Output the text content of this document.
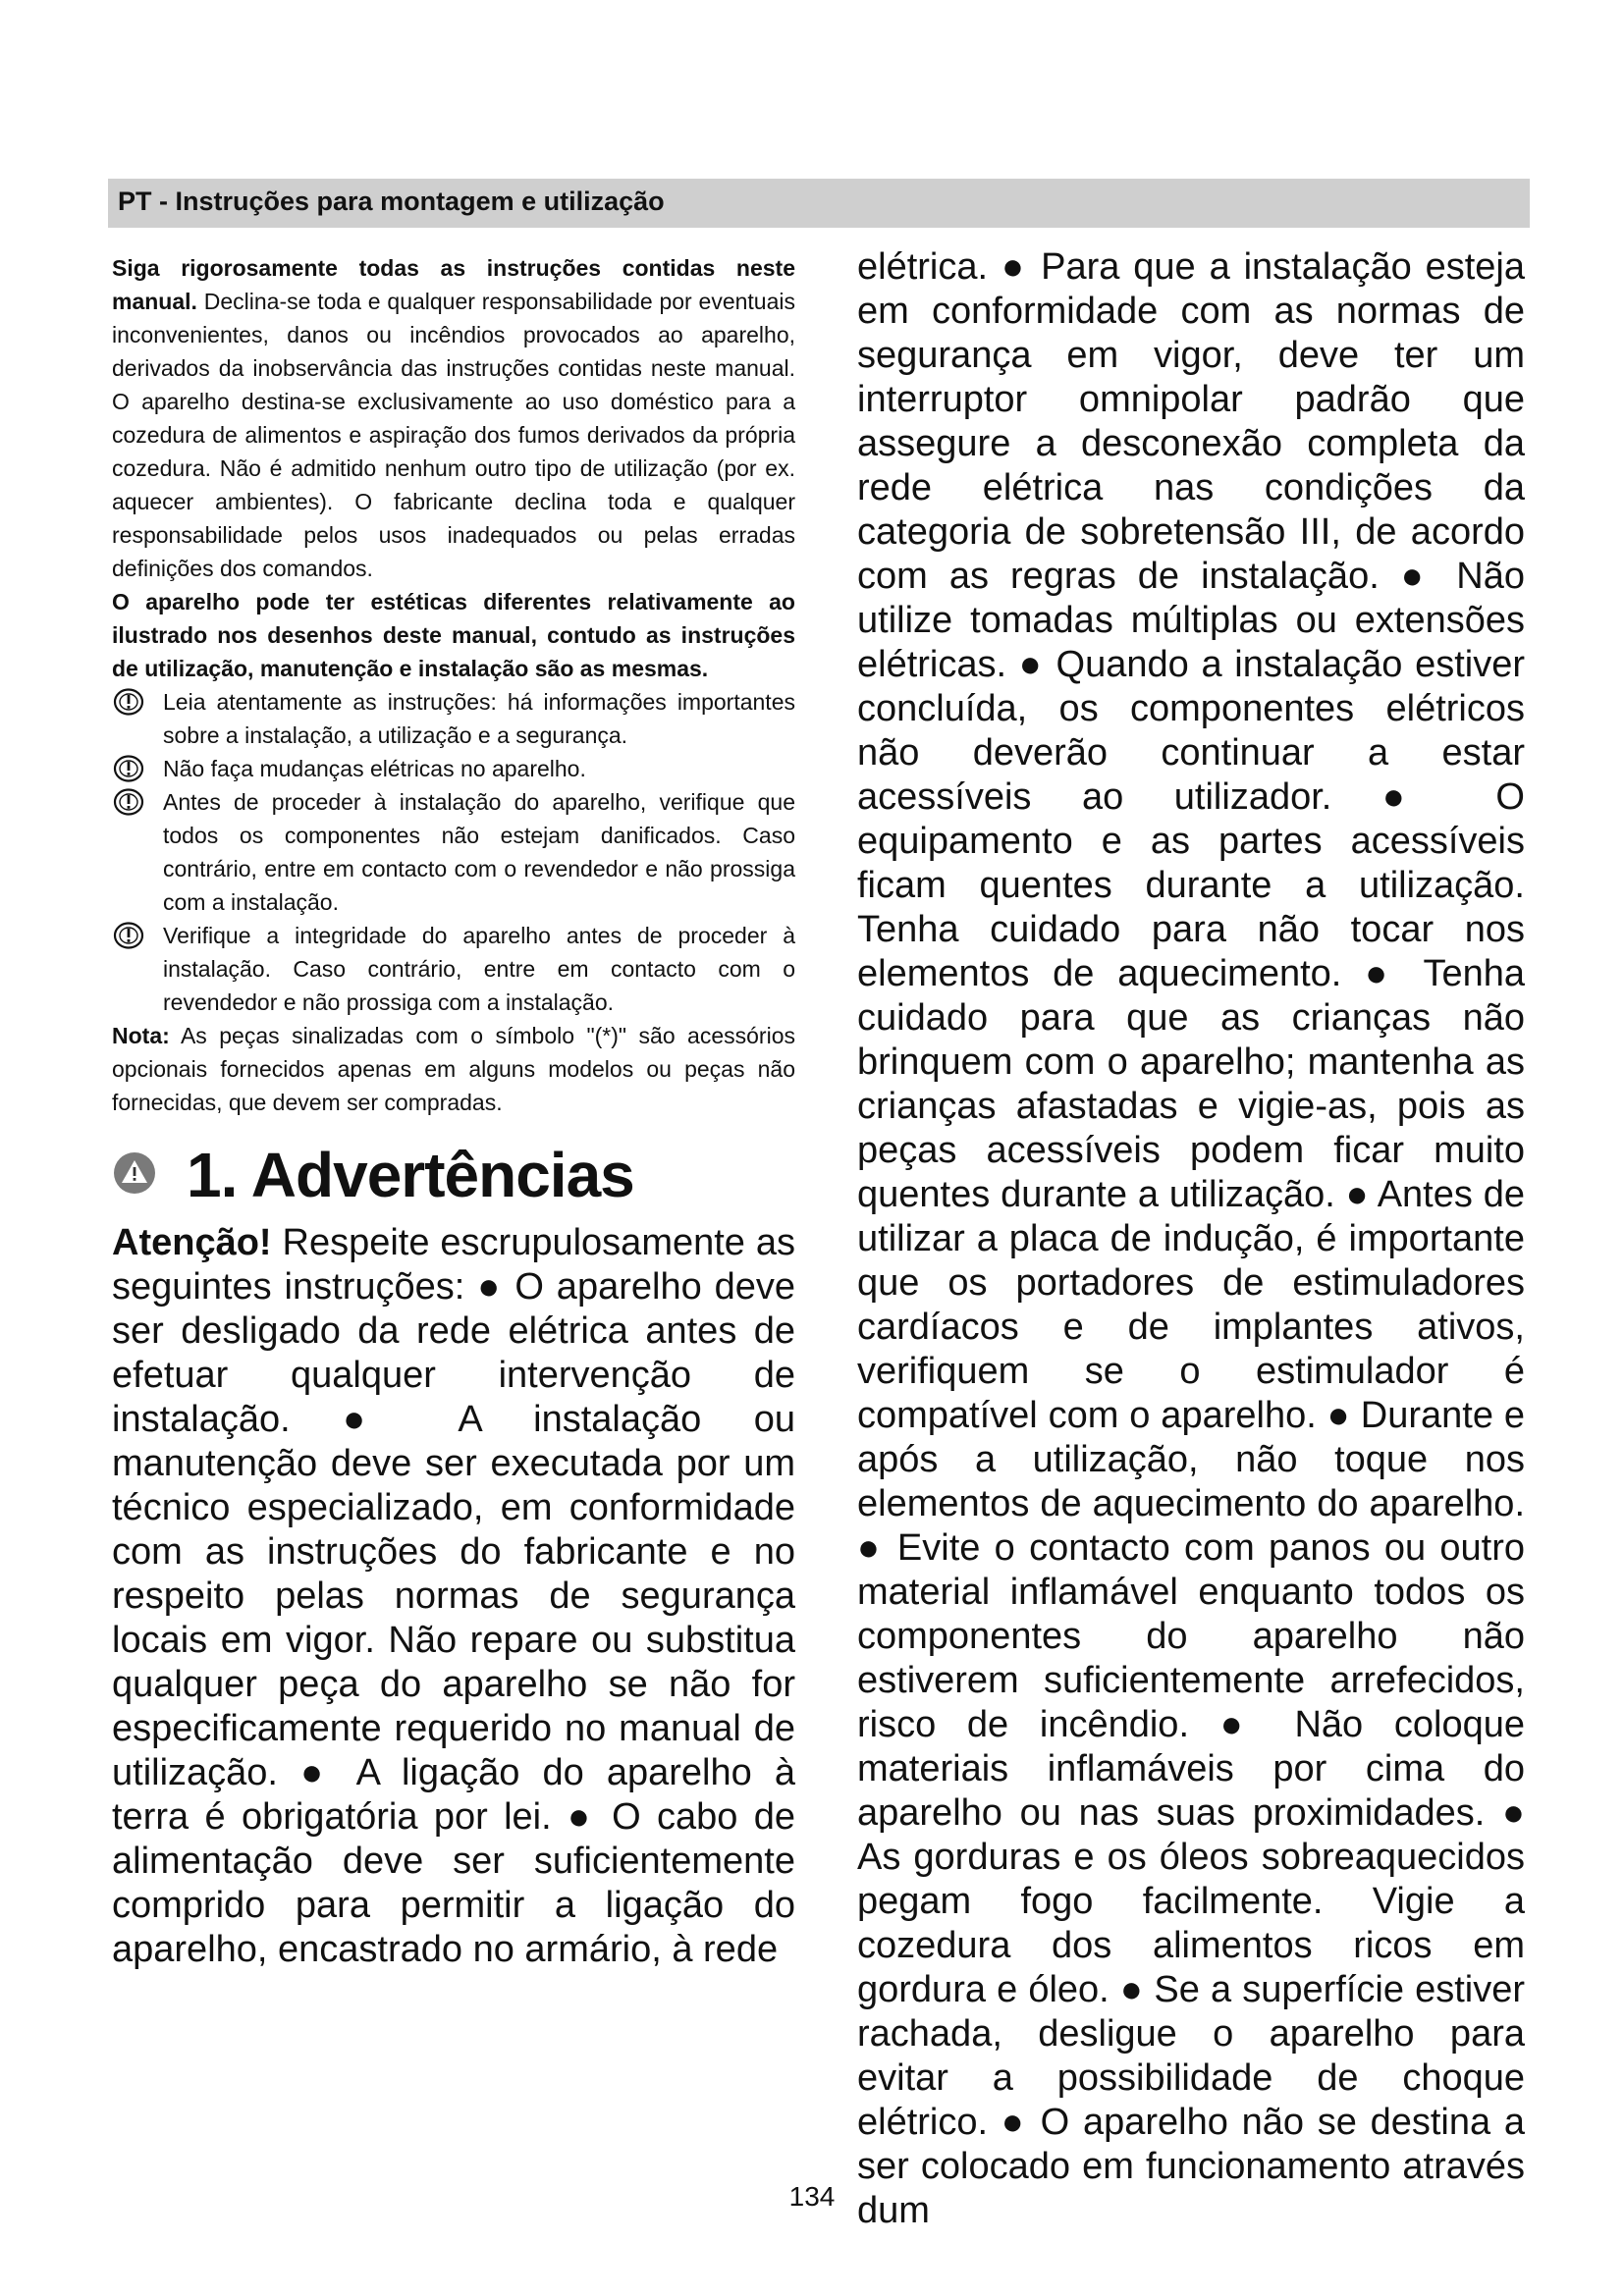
PT - Instruções para montagem e utilização

Siga rigorosamente todas as instruções contidas neste manual. Declina-se toda e qualquer responsabilidade por eventuais inconvenientes, danos ou incêndios provocados ao aparelho, derivados da inobservância das instruções contidas neste manual. O aparelho destina-se exclusivamente ao uso doméstico para a cozedura de alimentos e aspiração dos fumos derivados da própria cozedura. Não é admitido nenhum outro tipo de utilização (por ex. aquecer ambientes). O fabricante declina toda e qualquer responsabilidade pelos usos inadequados ou pelas erradas definições dos comandos.

O aparelho pode ter estéticas diferentes relativamente ao ilustrado nos desenhos deste manual, contudo as instruções de utilização, manutenção e instalação são as mesmas.

Leia atentamente as instruções: há informações importantes sobre a instalação, a utilização e a segurança.
Não faça mudanças elétricas no aparelho.
Antes de proceder à instalação do aparelho, verifique que todos os componentes não estejam danificados. Caso contrário, entre em contacto com o revendedor e não prossiga com a instalação.
Verifique a integridade do aparelho antes de proceder à instalação. Caso contrário, entre em contacto com o revendedor e não prossiga com a instalação.

Nota: As peças sinalizadas com o símbolo "(*)" são acessórios opcionais fornecidos apenas em alguns modelos ou peças não fornecidas, que devem ser compradas.

1. Advertências

Atenção! Respeite escrupulosamente as seguintes instruções: ● O aparelho deve ser desligado da rede elétrica antes de efetuar qualquer intervenção de instalação. ● A instalação ou manutenção deve ser executada por um técnico especializado, em conformidade com as instruções do fabricante e no respeito pelas normas de segurança locais em vigor. Não repare ou substitua qualquer peça do aparelho se não for especificamente requerido no manual de utilização. ● A ligação do aparelho à terra é obrigatória por lei. ● O cabo de alimentação deve ser suficientemente comprido para permitir a ligação do aparelho, encastrado no armário, à rede

elétrica. ● Para que a instalação esteja em conformidade com as normas de segurança em vigor, deve ter um interruptor omnipolar padrão que assegure a desconexão completa da rede elétrica nas condições da categoria de sobretensão III, de acordo com as regras de instalação. ● Não utilize tomadas múltiplas ou extensões elétricas. ● Quando a instalação estiver concluída, os componentes elétricos não deverão continuar a estar acessíveis ao utilizador. ● O equipamento e as partes acessíveis ficam quentes durante a utilização. Tenha cuidado para não tocar nos elementos de aquecimento. ● Tenha cuidado para que as crianças não brinquem com o aparelho; mantenha as crianças afastadas e vigie-as, pois as peças acessíveis podem ficar muito quentes durante a utilização. ● Antes de utilizar a placa de indução, é importante que os portadores de estimuladores cardíacos e de implantes ativos, verifiquem se o estimulador é compatível com o aparelho. ● Durante e após a utilização, não toque nos elementos de aquecimento do aparelho. ● Evite o contacto com panos ou outro material inflamável enquanto todos os componentes do aparelho não estiverem suficientemente arrefecidos, risco de incêndio. ● Não coloque materiais inflamáveis por cima do aparelho ou nas suas proximidades. ● As gorduras e os óleos sobreaquecidos pegam fogo facilmente. Vigie a cozedura dos alimentos ricos em gordura e óleo. ● Se a superfície estiver rachada, desligue o aparelho para evitar a possibilidade de choque elétrico. ● O aparelho não se destina a ser colocado em funcionamento através dum

134
